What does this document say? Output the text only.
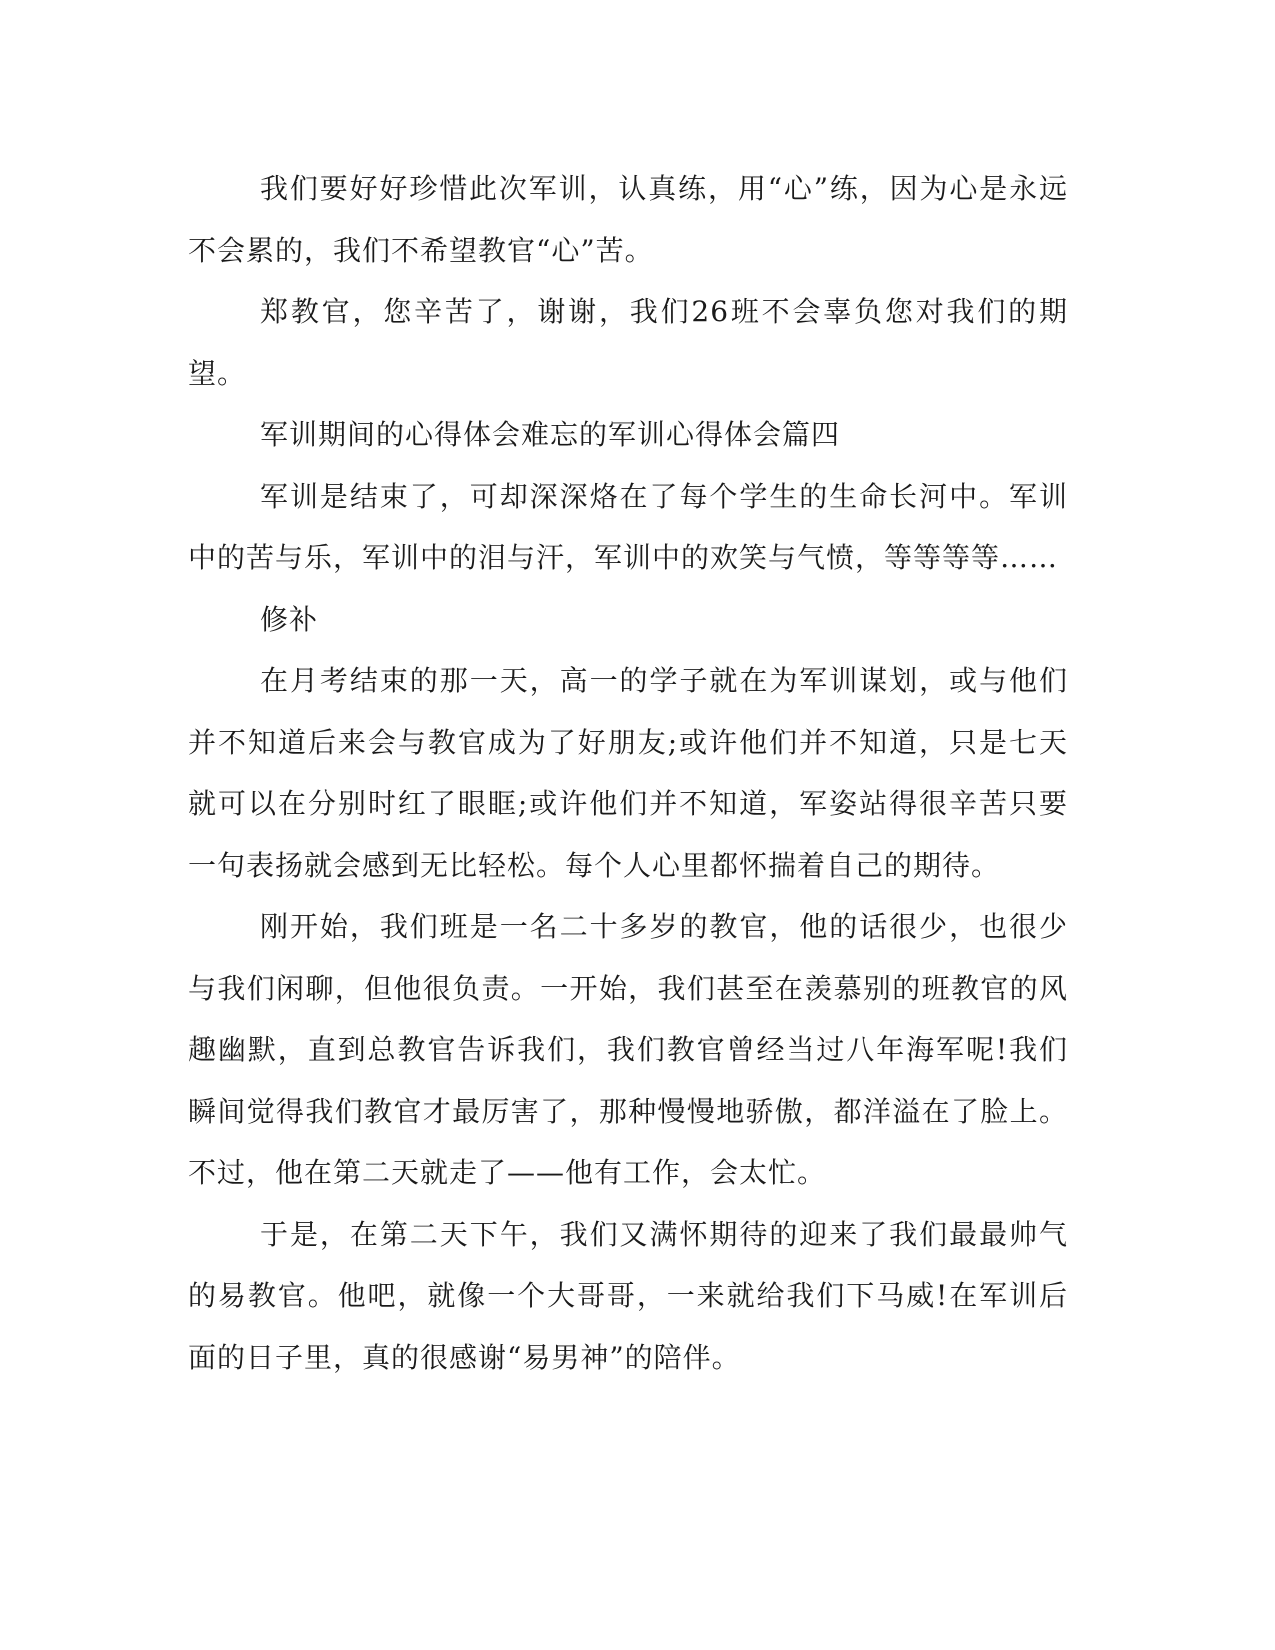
我们要好好珍惜此次军训，认真练，用“心”练，因为心是永远不会累的，我们不希望教官“心”苦。

郑教官，您辛苦了，谢谢，我们26班不会辜负您对我们的期望。

军训期间的心得体会难忘的军训心得体会篇四

军训是结束了，可却深深烙在了每个学生的生命长河中。军训中的苦与乐，军训中的泪与汗，军训中的欢笑与气愤，等等等等……

修补

在月考结束的那一天，高一的学子就在为军训谋划，或与他们并不知道后来会与教官成为了好朋友;或许他们并不知道，只是七天就可以在分别时红了眼眶;或许他们并不知道，军姿站得很辛苦只要一句表扬就会感到无比轻松。每个人心里都怀揣着自己的期待。

刚开始，我们班是一名二十多岁的教官，他的话很少，也很少与我们闲聊，但他很负责。一开始，我们甚至在羡慕别的班教官的风趣幽默，直到总教官告诉我们，我们教官曾经当过八年海军呢!我们瞬间觉得我们教官才最厉害了，那种慢慢地骄傲，都洋溢在了脸上。不过，他在第二天就走了——他有工作，会太忙。

于是，在第二天下午，我们又满怀期待的迎来了我们最最帅气的易教官。他吧，就像一个大哥哥，一来就给我们下马威!在军训后面的日子里，真的很感谢“易男神”的陪伴。
